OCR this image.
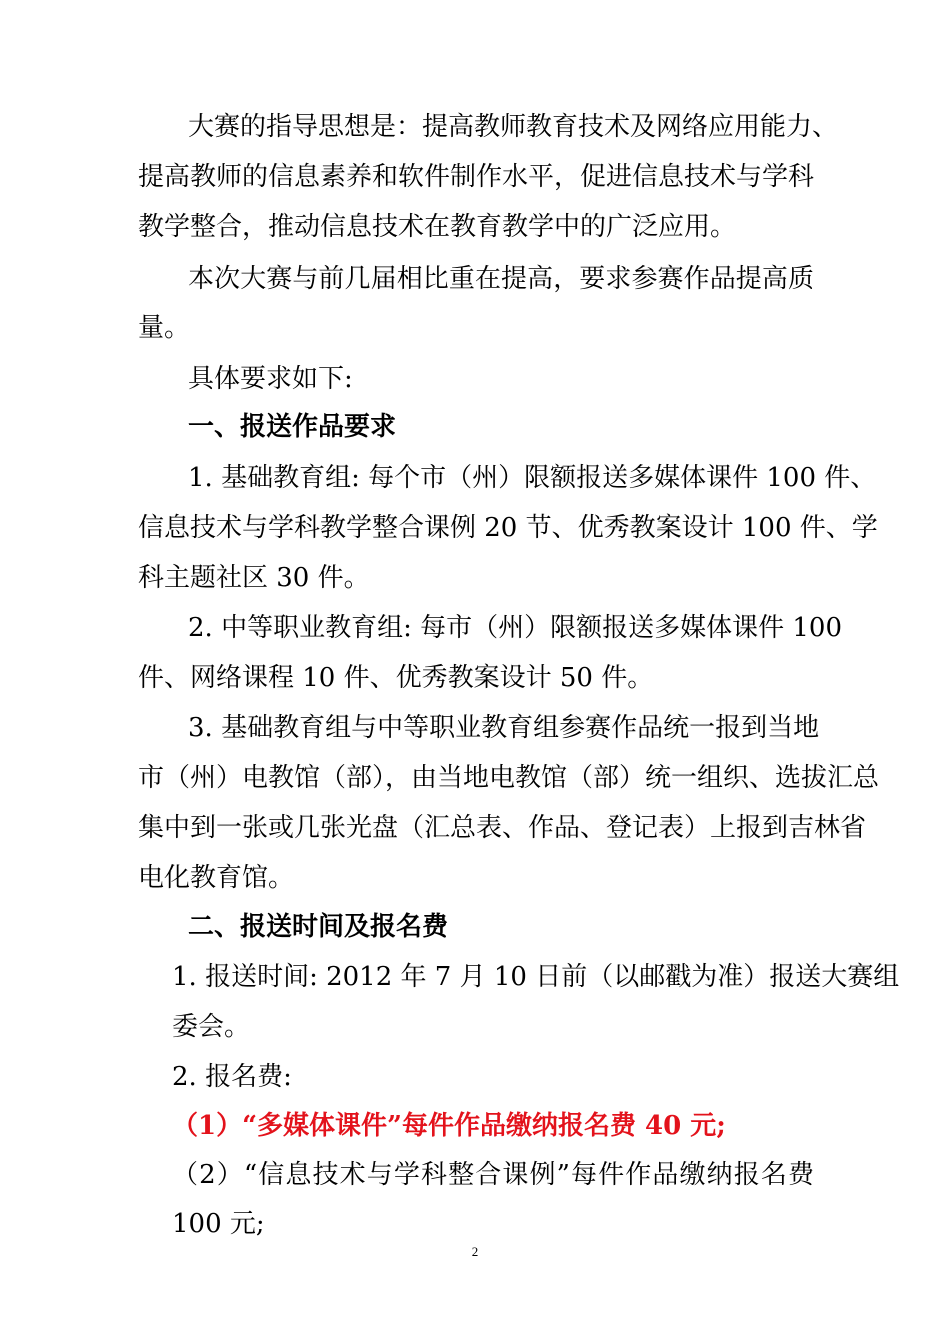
大赛的指导思想是：提高教师教育技术及网络应用能力、
提高教师的信息素养和软件制作水平，促进信息技术与学科
教学整合，推动信息技术在教育教学中的广泛应用。
本次大赛与前几届相比重在提高，要求参赛作品提高质
量。
具体要求如下:
一、报送作品要求
1. 基础教育组: 每个市（州）限额报送多媒体课件 100 件、
信息技术与学科教学整合课例 20 节、优秀教案设计 100 件、学
科主题社区 30 件。
2. 中等职业教育组: 每市（州）限额报送多媒体课件 100
件、网络课程 10 件、优秀教案设计 50 件。
3. 基础教育组与中等职业教育组参赛作品统一报到当地
市（州）电教馆（部），由当地电教馆（部）统一组织、选拔汇总
集中到一张或几张光盘（汇总表、作品、登记表）上报到吉林省
电化教育馆。
二、报送时间及报名费
1. 报送时间: 2012 年 7 月 10 日前（以邮戳为准）报送大赛组
委会。
2. 报名费:
（1）“多媒体课件”每件作品缴纳报名费 40 元;
（2）“信息技术与学科整合课例”每件作品缴纳报名费
100 元;
2
